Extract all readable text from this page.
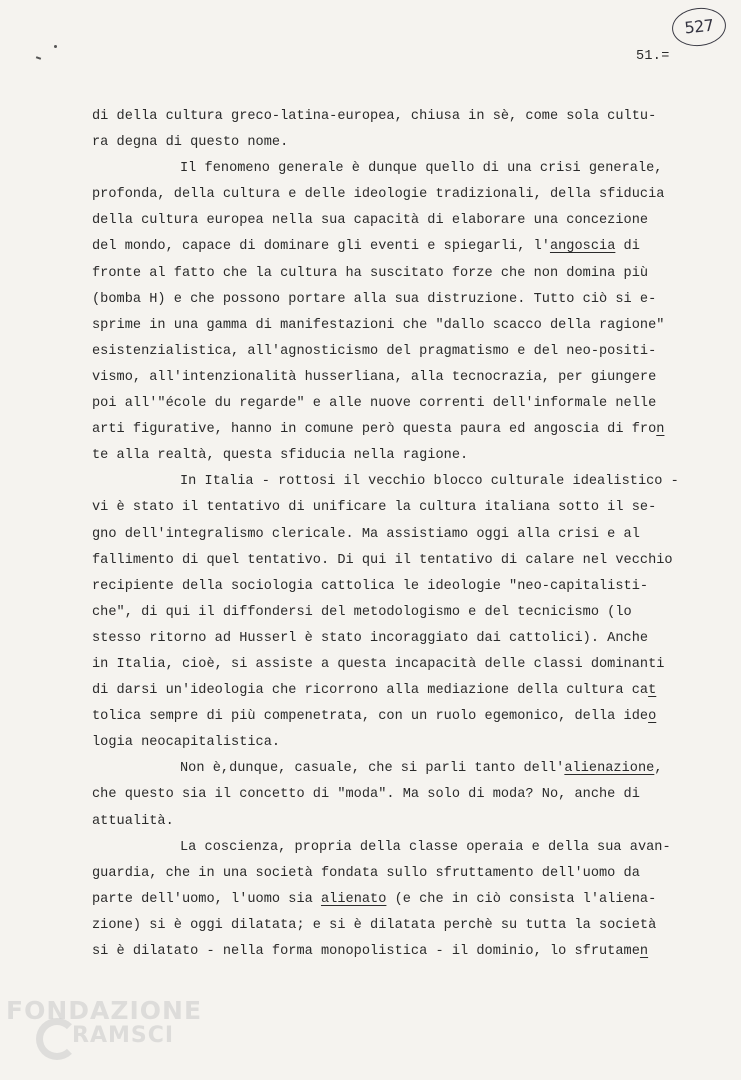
527
51.=
di della cultura greco-latina-europea, chiusa in sè, come sola cultu-
ra degna di questo nome.
Il fenomeno generale è dunque quello di una crisi generale,
profonda, della cultura e delle ideologie tradizionali, della sfiducia
della cultura europea nella sua capacità di elaborare una concezione
del mondo, capace di dominare gli eventi e spiegarli, l'angoscia di
fronte al fatto che la cultura ha suscitato forze che non domina più
(bomba H) e che possono portare alla sua distruzione. Tutto ciò si e-
sprime in una gamma di manifestazioni che "dallo scacco della ragione"
esistenzialistica, all'agnosticismo del pragmatismo e del neo-positi-
vismo, all'intenzionalità husserliana, alla tecnocrazia, per giungere
poi all'"école du regarde" e alle nuove correnti dell'informale nelle
arti figurative, hanno in comune però questa paura ed angoscia di fron
te alla realtà, questa sfiducia nella ragione.
In Italia - rottosi il vecchio blocco culturale idealistico -
vi è stato il tentativo di unificare la cultura italiana sotto il se-
gno dell'integralismo clericale. Ma assistiamo oggi alla crisi e al
fallimento di quel tentativo. Di qui il tentativo di calare nel vecchio
recipiente della sociologia cattolica le ideologie "neo-capitalisti-
che", di qui il diffondersi del metodologismo e del tecnicismo (lo
stesso ritorno ad Husserl è stato incoraggiato dai cattolici). Anche
in Italia, cioè, si assiste a questa incapacità delle classi dominanti
di darsi un'ideologia che ricorrono alla mediazione della cultura cat
tolica sempre di più compenetrata, con un ruolo egemonico, della ideo
logia neocapitalistica.
Non è,dunque, casuale, che si parli tanto dell'alienazione,
che questo sia il concetto di "moda". Ma solo di moda? No, anche di
attualità.
La coscienza, propria della classe operaia e della sua avan-
guardia, che in una società fondata sullo sfruttamento dell'uomo da
parte dell'uomo, l'uomo sia alienato (e che in ciò consista l'aliena-
zione) si è oggi dilatata; e si è dilatata perchè su tutta la società
si è dilatato - nella forma monopolistica - il dominio, lo sfrutamen
FONDAZIONE
RAMSCI
